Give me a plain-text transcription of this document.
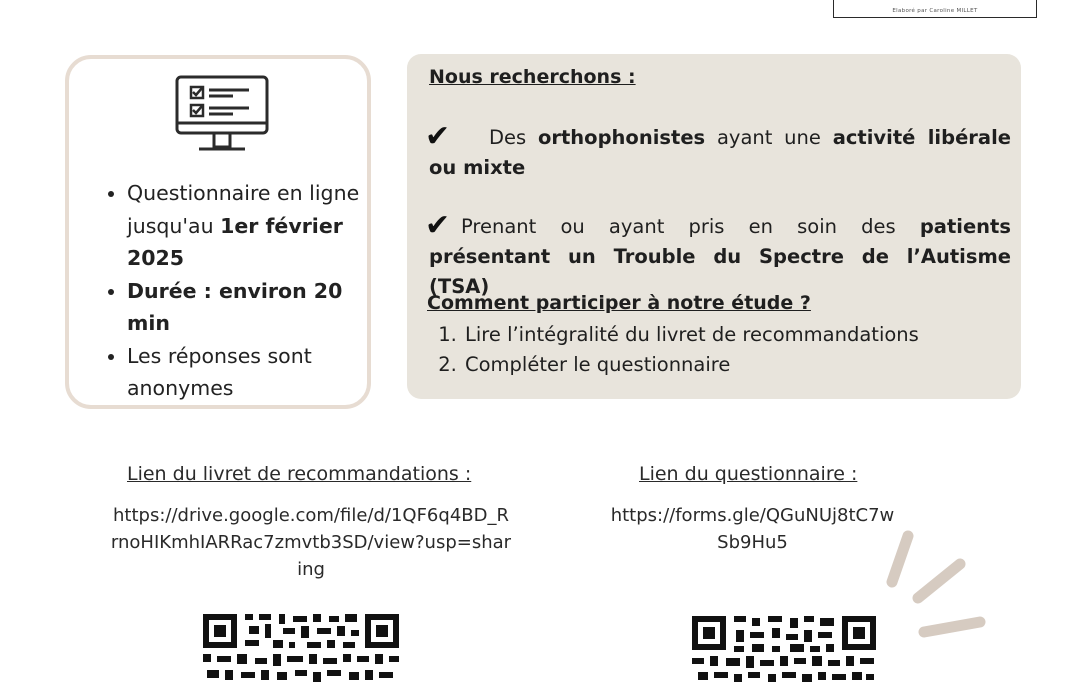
Elaboré par Caroline MILLET
• Questionnaire en ligne jusqu'au 1er février 2025
• Durée : environ 20 min
• Les réponses sont anonymes
Nous recherchons :
✔	Des orthophonistes ayant une activité libérale ou mixte
✔ Prenant ou ayant pris en soin des patients présentant un Trouble du Spectre de l’Autisme (TSA)
Comment participer à notre étude ?
1. Lire l’intégralité du livret de recommandations
2. Compléter le questionnaire
Lien du livret de recommandations :
https://drive.google.com/file/d/1QF6q4BD_RrnoHIKmhIARRac7zmvtb3SD/view?usp=sharing
Lien du questionnaire :
https://forms.gle/QGuNUj8tC7wSb9Hu5
